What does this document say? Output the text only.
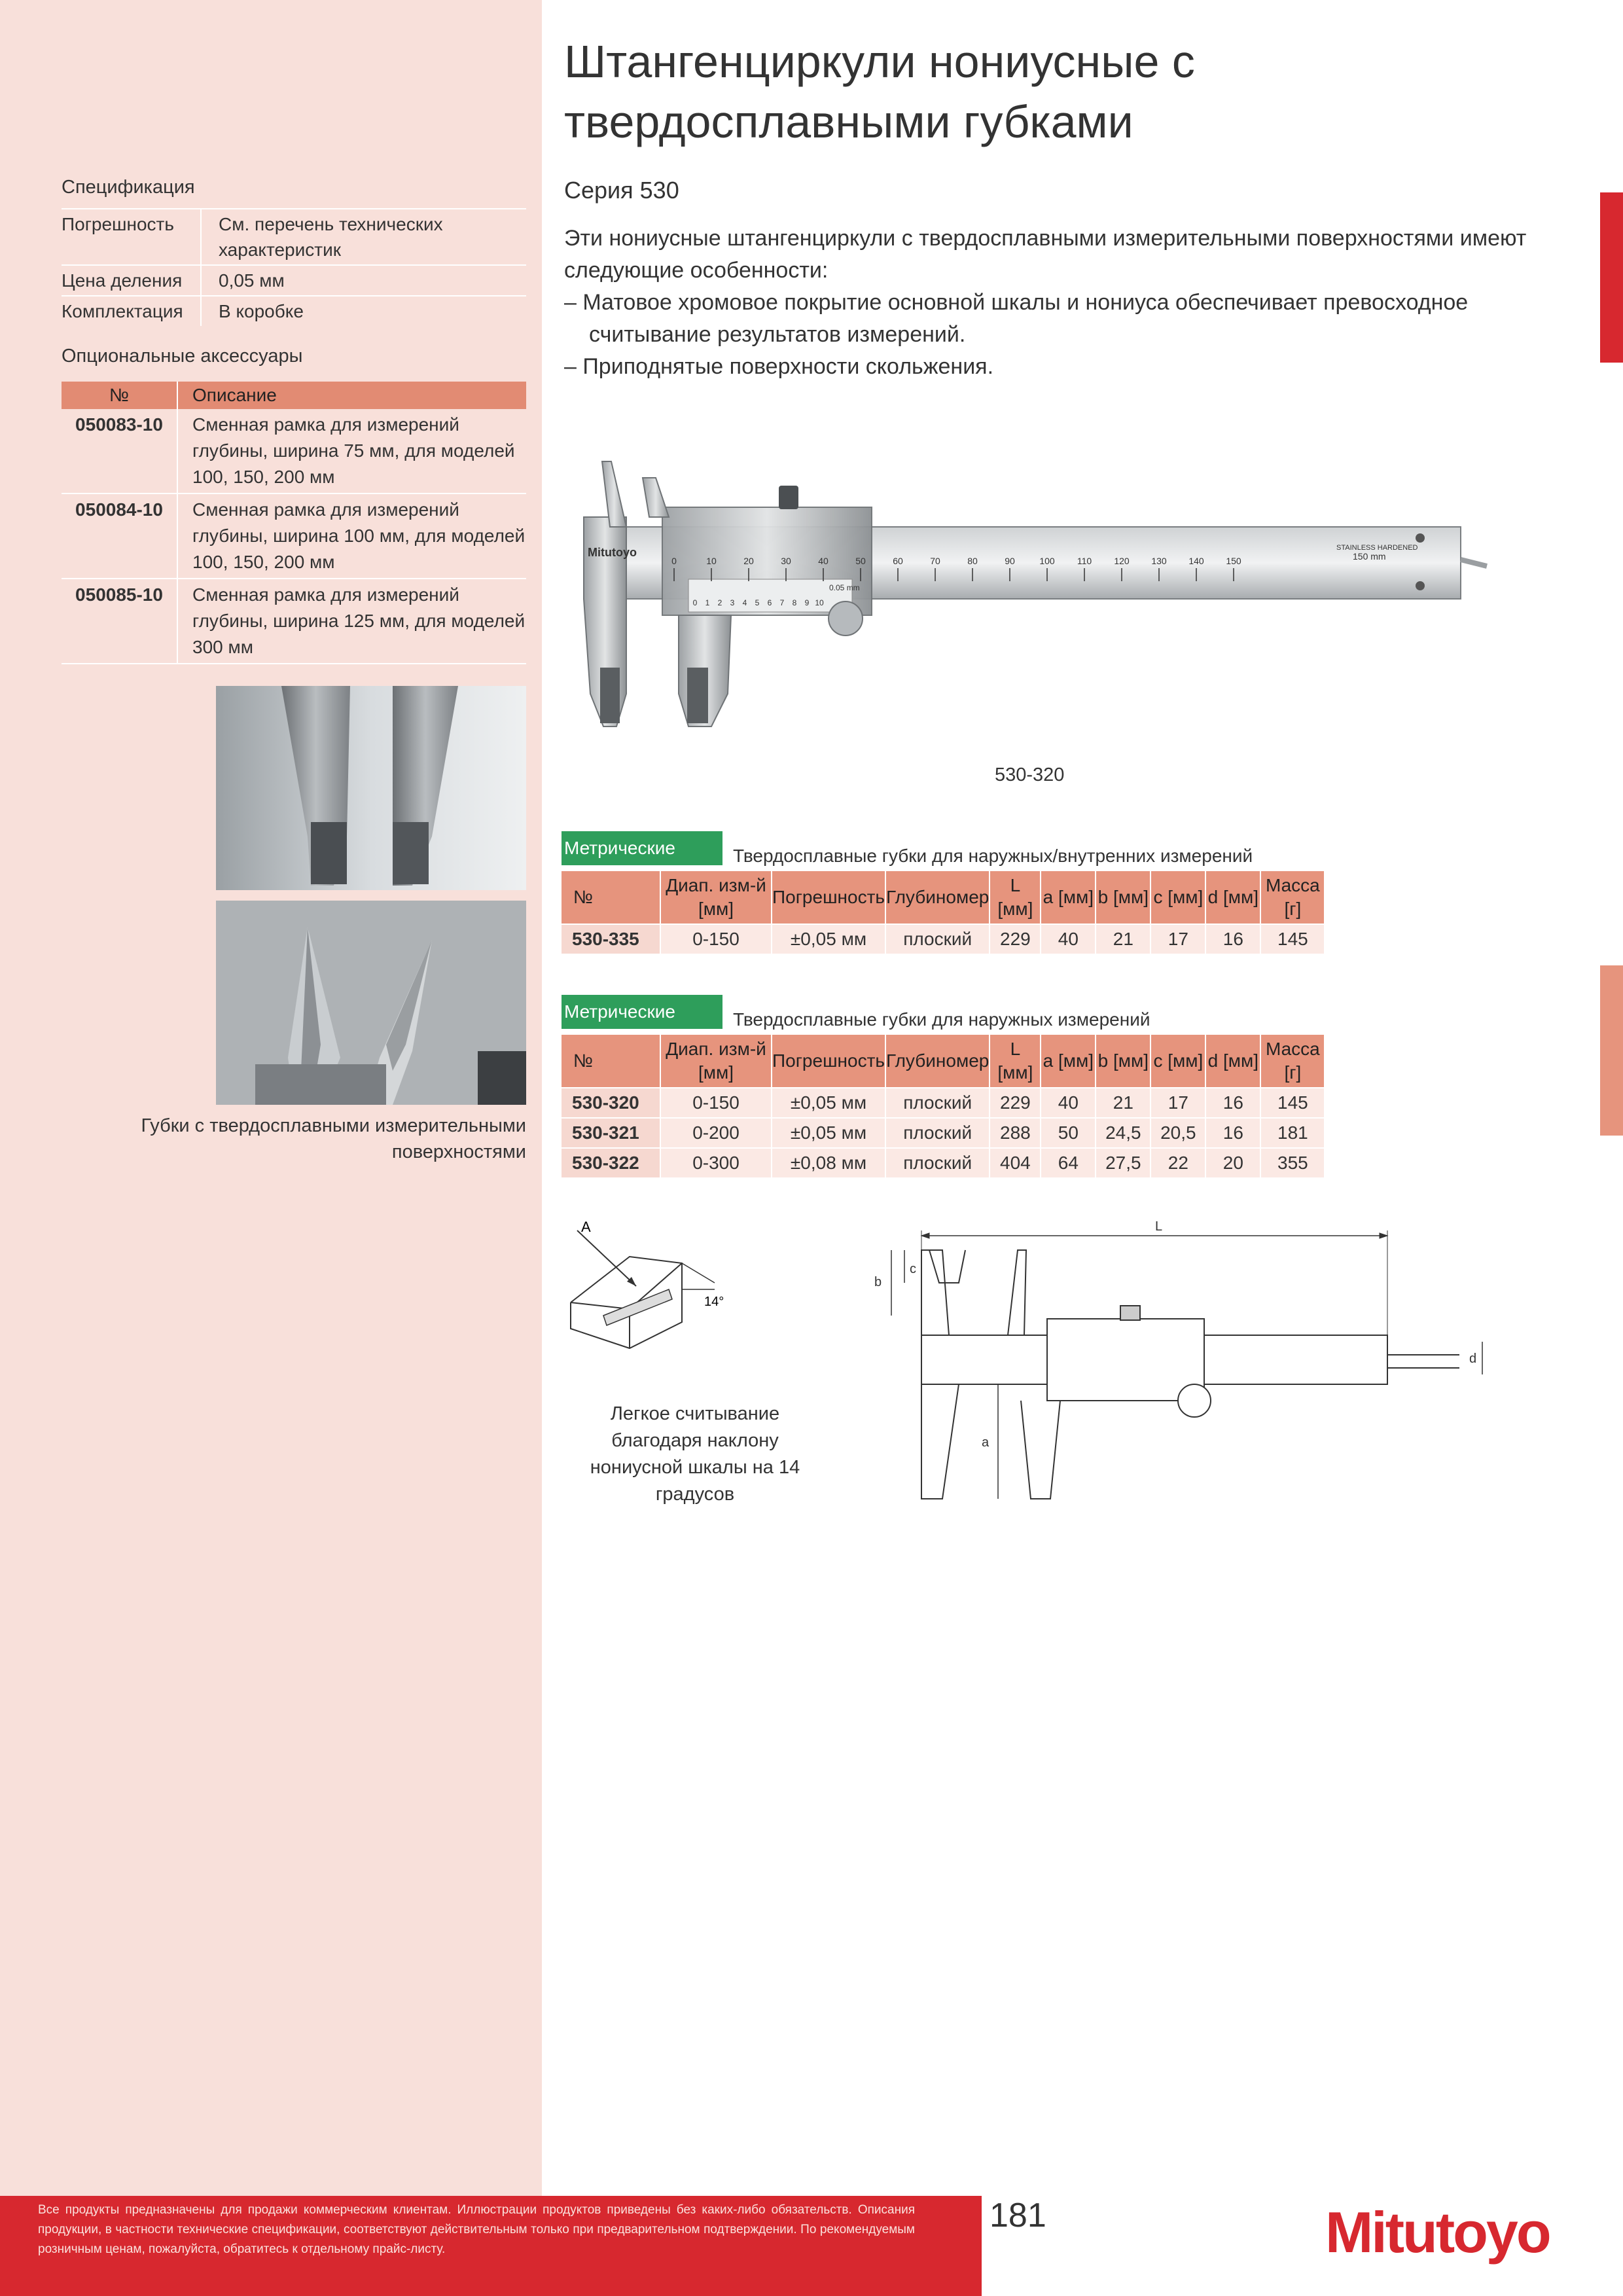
Штангенциркули нониусные с твердосплавными губками
Серия 530

Эти нониусные штангенциркули с твердосплавными измерительными поверхностями имеют следующие особенности:

– Матовое хромовое покрытие основной шкалы и нониуса обеспечивает превосходное считывание результатов измерений.

– Приподнятые поверхности скольжения.

Спецификация
Погрешность	См. перечень технических характеристик
Цена деления	0,05 мм
Комплектация	В коробке
Опциональные аксессуары
№	Описание
050083-10	Сменная рамка для измерений глубины, ширина 75 мм, для моделей 100, 150, 200 мм
050084-10	Сменная рамка для измерений глубины, ширина 100 мм, для моделей 100, 150, 200 мм
050085-10	Сменная рамка для измерений глубины, ширина 125 мм, для моделей 300 мм
Губки с твердосплавными измерительными поверхностями
0	10	20	30	40	50	60	70	80	90	100 110 120 130 140 150
0 1 2 3 4 5 6 7 8 9 10
Mitutoyo
0.05 mm
STAINLESS HARDENED
150 mm
530-320
Метрические	Твердосплавные губки для наружных/внутренних измерений
№	Диап. изм-й [мм]	Погрешность	Глубиномер	L [мм]	a [мм]	b [мм]	c [мм]	d [мм]	Масса [г]
530-335	0-150	±0,05 мм	плоский	229	40	21	17	16	145
Метрические	Твердосплавные губки для наружных измерений
№	Диап. изм-й [мм]	Погрешность	Глубиномер	L [мм]	a [мм]	b [мм]	c [мм]	d [мм]	Масса [г]
530-320	0-150	±0,05 мм	плоский	229	40	21	17	16	145
530-321	0-200	±0,05 мм	плоский	288	50	24,5	20,5	16	181
530-322	0-300	±0,08 мм	плоский	404	64	27,5	22	20	355
A
14°
Легкое считывание благодаря наклону нониусной шкалы на 14 градусов
L
d
b
c
a
Все продукты предназначены для продажи коммерческим клиентам. Иллюстрации продуктов приведены без каких-либо обязательств. Описания продукции, в частности технические спецификации, соответствуют действительным только при предварительном подтверждении. По рекомендуемым розничным ценам, пожалуйста, обратитесь к отдельному прайс-листу.
181	Mitutoyo
